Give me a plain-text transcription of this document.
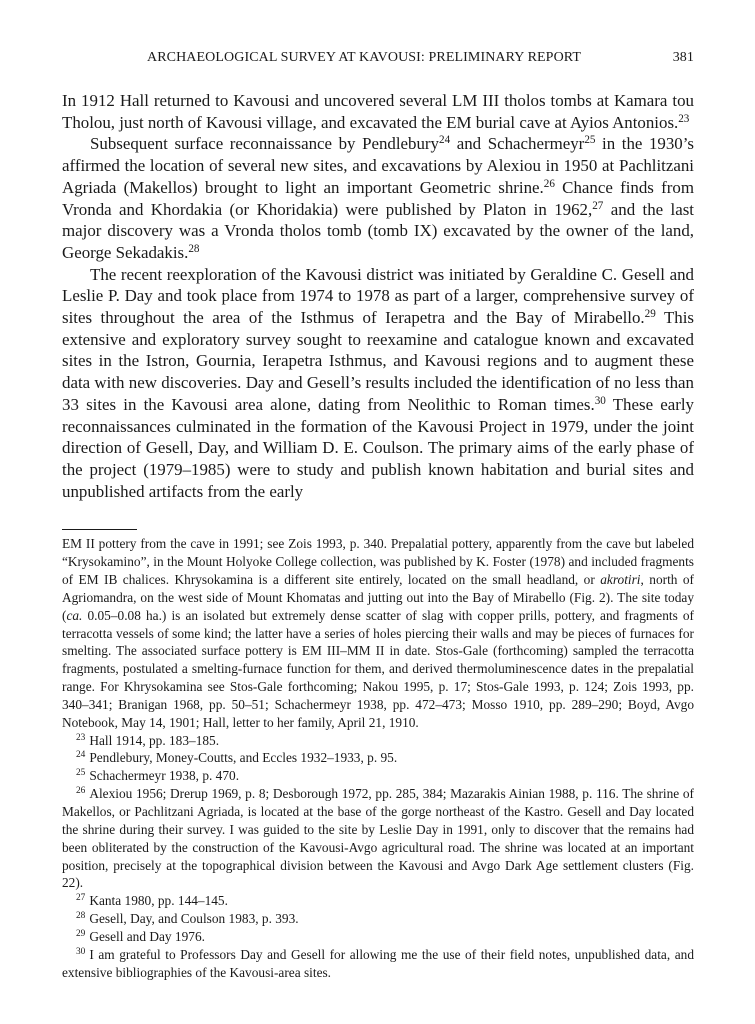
ARCHAEOLOGICAL SURVEY AT KAVOUSI: PRELIMINARY REPORT	381

In 1912 Hall returned to Kavousi and uncovered several LM III tholos tombs at Kamara tou Tholou, just north of Kavousi village, and excavated the EM burial cave at Ayios Antonios.$^{23}$

Subsequent surface reconnaissance by Pendlebury$^{24}$ and Schachermeyr$^{25}$ in the 1930’s affirmed the location of several new sites, and excavations by Alexiou in 1950 at Pachlitzani Agriada (Makellos) brought to light an important Geometric shrine.$^{26}$ Chance finds from Vronda and Khordakia (or Khoridakia) were published by Platon in 1962,27 and the last major discovery was a Vronda tholos tomb (tomb IX) excavated by the owner of the land, George Sekadakis.$^{28}$

The recent reexploration of the Kavousi district was initiated by Geraldine C. Gesell and Leslie P. Day and took place from 1974 to 1978 as part of a larger, comprehensive survey of sites throughout the area of the Isthmus of Ierapetra and the Bay of Mirabello.$^{29}$ This extensive and exploratory survey sought to reexamine and catalogue known and excavated sites in the Istron, Gournia, Ierapetra Isthmus, and Kavousi regions and to augment these data with new discoveries. Day and Gesell’s results included the identification of no less than 33 sites in the Kavousi area alone, dating from Neolithic to Roman times.$^{30}$ These early reconnaissances culminated in the formation of the Kavousi Project in 1979, under the joint direction of Gesell, Day, and William D. E. Coulson. The primary aims of the early phase of the project (1979–1985) were to study and publish known habitation and burial sites and unpublished artifacts from the early

EM II pottery from the cave in 1991; see Zois 1993, p. 340. Prepalatial pottery, apparently from the cave but labeled “Krysokamino”, in the Mount Holyoke College collection, was published by K. Foster (1978) and included fragments of EM IB chalices. Khrysokamina is a different site entirely, located on the small headland, or akrotiri, north of Agriomandra, on the west side of Mount Khomatas and jutting out into the Bay of Mirabello (Fig. 2). The site today (ca. 0.05–0.08 ha.) is an isolated but extremely dense scatter of slag with copper prills, pottery, and fragments of terracotta vessels of some kind; the latter have a series of holes piercing their walls and may be pieces of furnaces for smelting. The associated surface pottery is EM III–MM II in date. Stos-Gale (forthcoming) sampled the terracotta fragments, postulated a smelting-furnace function for them, and derived thermoluminescence dates in the prepalatial range. For Khrysokamina see Stos-Gale forthcoming; Nakou 1995, p. 17; Stos-Gale 1993, p. 124; Zois 1993, pp. 340–341; Branigan 1968, pp. 50–51; Schachermeyr 1938, pp. 472–473; Mosso 1910, pp. 289–290; Boyd, Avgo Notebook, May 14, 1901; Hall, letter to her family, April 21, 1910.

$^{23}$ Hall 1914, pp. 183–185.

$^{24}$ Pendlebury, Money-Coutts, and Eccles 1932–1933, p. 95.

$^{25}$ Schachermeyr 1938, p. 470.

$^{26}$ Alexiou 1956; Drerup 1969, p. 8; Desborough 1972, pp. 285, 384; Mazarakis Ainian 1988, p. 116. The shrine of Makellos, or Pachlitzani Agriada, is located at the base of the gorge northeast of the Kastro. Gesell and Day located the shrine during their survey. I was guided to the site by Leslie Day in 1991, only to discover that the remains had been obliterated by the construction of the Kavousi-Avgo agricultural road. The shrine was located at an important position, precisely at the topographical division between the Kavousi and Avgo Dark Age settlement clusters (Fig. 22).

$^{27}$ Kanta 1980, pp. 144–145.

$^{28}$ Gesell, Day, and Coulson 1983, p. 393.

$^{29}$ Gesell and Day 1976.

$^{30}$ I am grateful to Professors Day and Gesell for allowing me the use of their field notes, unpublished data, and extensive bibliographies of the Kavousi-area sites.
